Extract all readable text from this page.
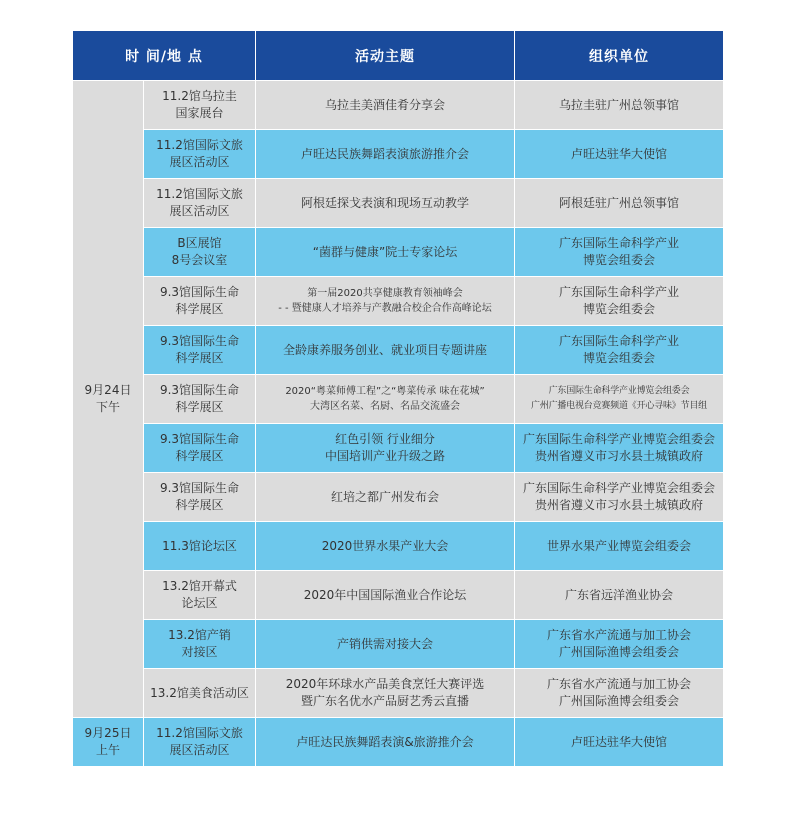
时 间/地 点		活动主题	组织单位

9月24日
下午	11.2馆乌拉圭
国家展台	乌拉圭美酒佳肴分享会	乌拉圭驻广州总领事馆

	11.2馆国际文旅
展区活动区	卢旺达民族舞蹈表演旅游推介会	卢旺达驻华大使馆

	11.2馆国际文旅
展区活动区	阿根廷探戈表演和现场互动教学	阿根廷驻广州总领事馆

	B区展馆
8号会议室	“菌群与健康”院士专家论坛	广东国际生命科学产业
博览会组委会

	9.3馆国际生命
科学展区	第一届2020共享健康教育领袖峰会
- - 暨健康人才培养与产教融合校企合作高峰论坛	广东国际生命科学产业
博览会组委会

	9.3馆国际生命
科学展区	全龄康养服务创业、就业项目专题讲座	广东国际生命科学产业
博览会组委会

	9.3馆国际生命
科学展区	2020“粤菜师傅工程”之“粤菜传承 味在花城”
大湾区名菜、名厨、名品交流盛会	广东国际生命科学产业博览会组委会
广州广播电视台竞赛频道《开心寻味》节目组

	9.3馆国际生命
科学展区	红色引领 行业细分
中国培训产业升级之路	广东国际生命科学产业博览会组委会
贵州省遵义市习水县土城镇政府

	9.3馆国际生命
科学展区	红培之都广州发布会	广东国际生命科学产业博览会组委会
贵州省遵义市习水县土城镇政府

	11.3馆论坛区	2020世界水果产业大会	世界水果产业博览会组委会

	13.2馆开幕式
论坛区	2020年中国国际渔业合作论坛	广东省远洋渔业协会

	13.2馆产销
对接区	产销供需对接大会	广东省水产流通与加工协会
广州国际渔博会组委会

	13.2馆美食活动区	2020年环球水产品美食烹饪大赛评选
暨广东名优水产品厨艺秀云直播	广东省水产流通与加工协会
广州国际渔博会组委会

9月25日
上午	11.2馆国际文旅
展区活动区	卢旺达民族舞蹈表演&旅游推介会	卢旺达驻华大使馆
